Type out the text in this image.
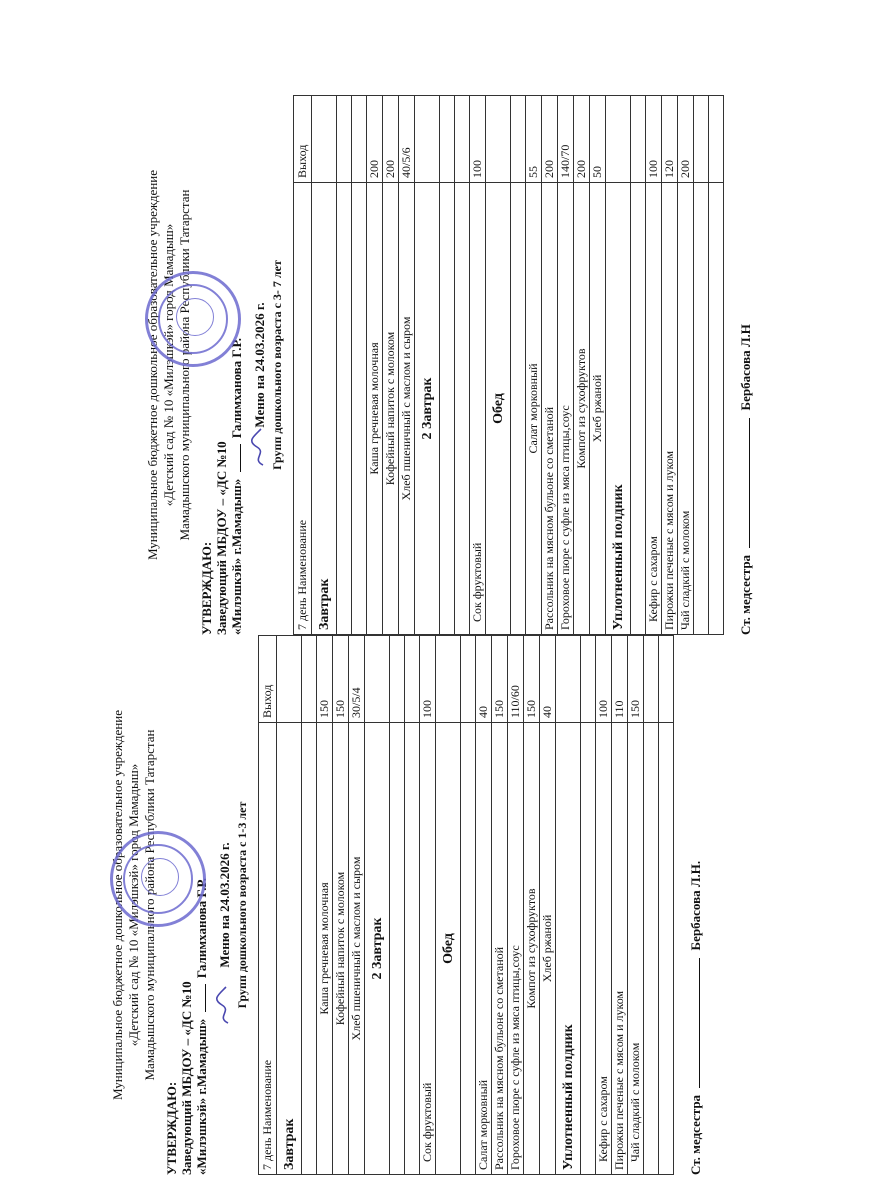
Муниципальное бюджетное дошкольное образовательное учреждение «Детский сад № 10 «Милэшкэй» город Мамадыш» Мамадышского муниципального района Республики Татарстан
УТВЕРЖДАЮ: Заведующий МБДОУ – «ДС №10 «Милэшкэй» г.Мамадыш»  Галимханова Г.Р. Меню на 24.03.2026 г. Групп дошкольного возраста с 1-3 лет
7 день Наименование	Выход
Завтрак	

Каша гречневая молочная	150
Кофейный напиток с молоком	150
Хлеб пшеничный с маслом и сыром	30/5/4
2 Завтрак	

Сок фруктовый	100
Обед	

Салат морковный	40
Рассольник на мясном бульоне со сметаной	150
Гороховое пюре с суфле из мяса птицы,соус	110/60
Компот из сухофруктов	150
Хлеб ржаной	40
Уплотненный полдник	

Кефир с сахаром	100
Пирожки печеные с мясом и луком	110
Чай сладкий с молоком	150

Ст. медсестра  Бербасова Л.Н.
Муниципальное бюджетное дошкольное образовательное учреждение «Детский сад № 10 «Милэшкэй» город Мамадыш» Мамадышского муниципального района Республики Татарстан
УТВЕРЖДАЮ: Заведующий МБДОУ – «ДС №10 «Милэшкэй» г.Мамадыш»  Галимханова Г.Р. Меню на 24.03.2026 г. Групп дошкольного возраста с 3- 7 лет
7 день Наименование	Выход
Завтрак	

Каша гречневая молочная	200
Кофейный напиток с молоком	200
Хлеб пшеничный с маслом и сыром	40/5/6
2 Завтрак	

Сок фруктовый	100
Обед	

Салат морковный	55
Рассольник на мясном бульоне со сметаной	200
Гороховое пюре с суфле из мяса птицы,соус	140/70
Компот из сухофруктов	200
Хлеб ржаной	50
Уплотненный полдник	

Кефир с сахаром	100
Пирожки печеные с мясом и луком	120
Чай сладкий с молоком	200

Ст. медсестра  Бербасова Л.Н
